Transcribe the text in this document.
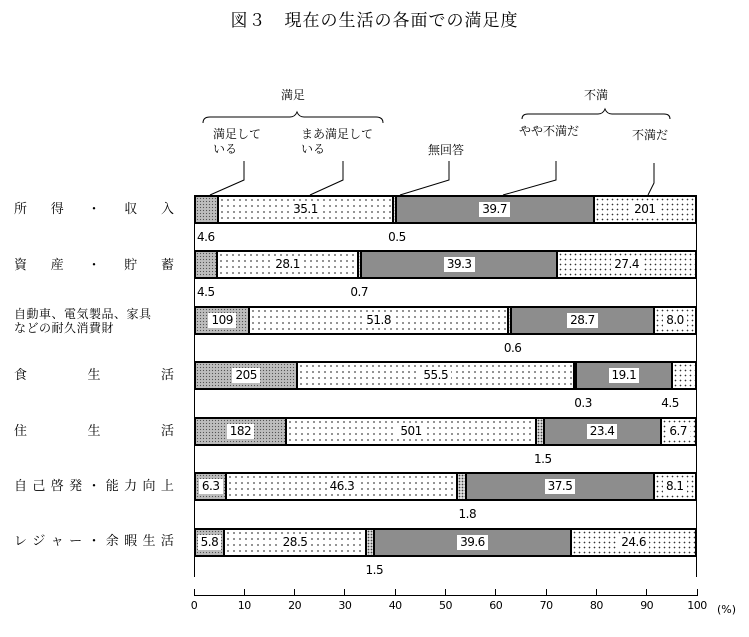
図３　現在の生活の各面での満足度
満足	不満
満足して
いる
まあ満足して
いる	無回答
やや不満だ	不満だ
所 得 ・ 収 入
資 産 ・ 貯 蓄
自動車、電気製品、家具
などの耐久消費財
食	生	活
住	生	活
自 己 啓 発 ・ 能 力 向 上
レ ジ ャ ー ・ 余 暇 生 活
35.1	39.7	201
4.6	0.5
28.1	39.3	27.4
4.5	0.7
109	51.8	28.7	8.0
0.6
205	55.5	19.1
0.3	4.5
182	501	23.4	6.7
1.5
6.3	46.3	37.5	8.1
1.8
5.8	28.5	39.6	24.6
1.5
0	10	20	30	40	50	60	70	80	90	100 (%)
